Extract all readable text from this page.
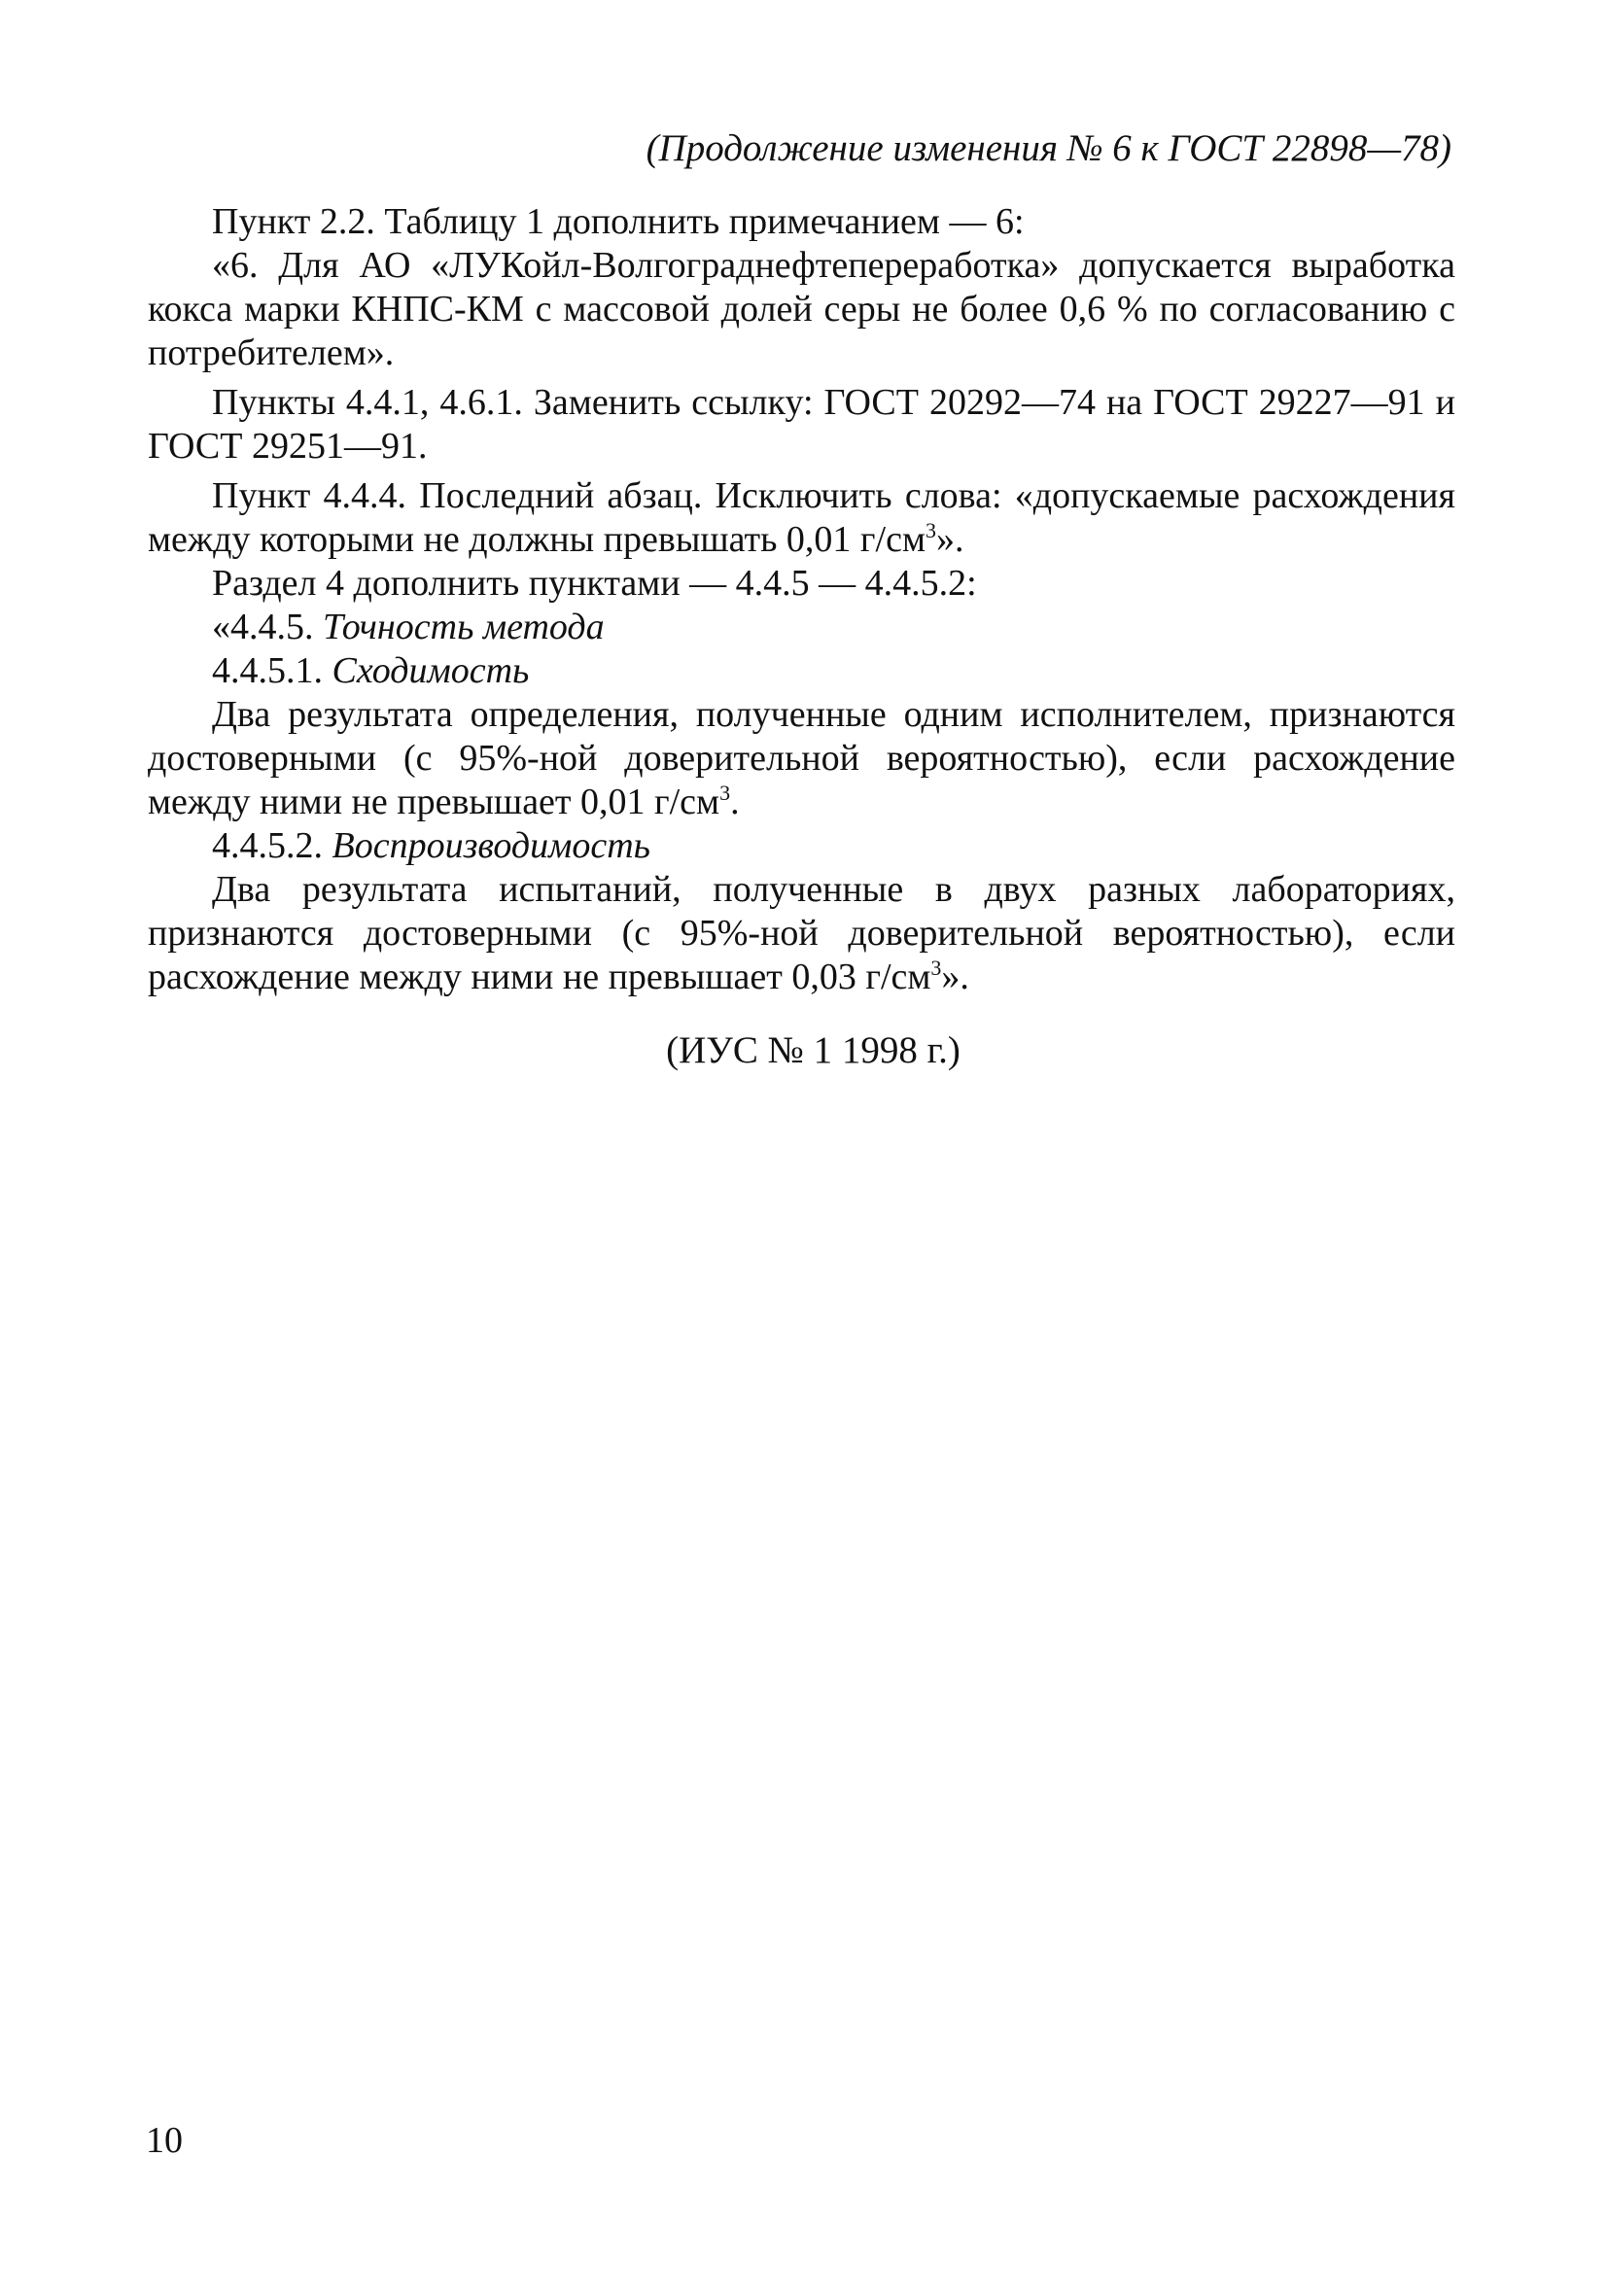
(Продолжение изменения № 6 к ГОСТ 22898—78)

Пункт 2.2. Таблицу 1 дополнить примечанием — 6:

«6. Для АО «ЛУКойл-Волгограднефтепереработка» допускается выработка кокса марки КНПС-КМ с массовой долей серы не более 0,6 % по согласованию с потребителем».

Пункты 4.4.1, 4.6.1. Заменить ссылку: ГОСТ 20292—74 на ГОСТ 29227—91 и ГОСТ 29251—91.

Пункт 4.4.4. Последний абзац. Исключить слова: «допускаемые расхождения между которыми не должны превышать 0,01 $г/см^3$».

Раздел 4 дополнить пунктами — 4.4.5 — 4.4.5.2:

«4.4.5. Точность метода

4.4.5.1. Сходимость

Два результата определения, полученные одним исполнителем, признаются достоверными (с 95%-ной доверительной вероятностью), если расхождение между ними не превышает 0,01 $г/см^3$.

4.4.5.2. Воспроизводимость

Два результата испытаний, полученные в двух разных лабораториях, признаются достоверными (с 95%-ной доверительной вероятностью), если расхождение между ними не превышает 0,03 $г/см^3$».

(ИУС № 1 1998 г.)
10
